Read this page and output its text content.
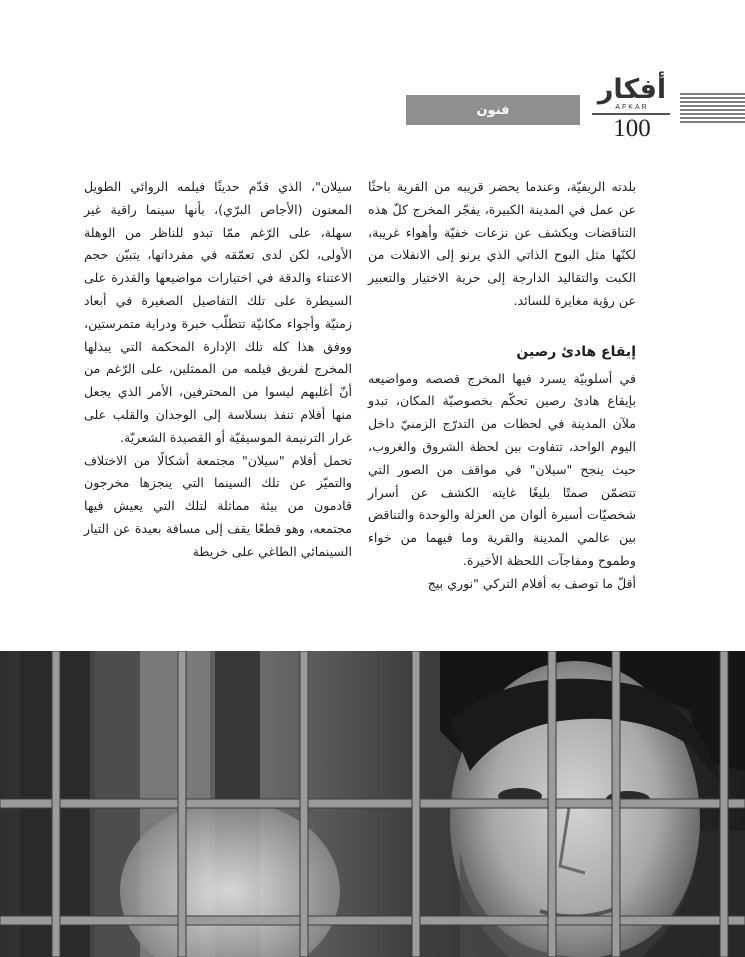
فنون
أفكار
AFKAR
100

بلدته الريفيّة، وعندما يحضر قريبه من القرية باحثًا عن عمل في المدينة الكبيرة، يفجّر المخرج كلّ هذه التناقضات ويكشف عن نزعات خفيّة وأهواء غريبة، لكنّها مثل البوح الذاتي الذي يرنو إلى الانفلات من الكبت والتقاليد الدارجة إلى حرية الاختيار والتعبير عن رؤية مغايرة للسائد.

إيقاع هادئ رصين

في أسلوبيّة يسرد فيها المخرج قصصه ومواضيعه بإيقاع هادئ رصين تحكّم بخصوصيّة المكان، تبدو ملآن المدينة في لحظات من التدرّج الزمنيّ داخل اليوم الواحد، تتفاوت بين لحظة الشروق والغروب، حيث ينجح "سيلان" في مواقف من الصور التي تتضمّن صمتًا بليغًا غايته الكشف عن أسرار شخصيّات أسيرة ألوان من العزلة والوحدة والتناقض بين عالمي المدينة والقرية وما فيهما من خواء وطموح ومفاجآت اللحظة الأخيرة.

أقلّ ما توصف به أفلام التركي "نوري بيج

سيلان"، الذي قدّم حديثًا فيلمه الروائي الطويل المعنون (الأجاص البرّي)، بأنها سينما راقية غير سهلة، على الرّغم ممّا تبدو للناظر من الوهلة الأولى، لكن لدى تعمّقه في مفرداتها، يتبيّن حجم الاعتناء والدقة في اختيارات مواضيعها والقدرة على السيطرة على تلك التفاصيل الصغيرة في أبعاد زمنيّة وأجواء مكانيّة تتطلّب خبرة ودراية متمرستين، ووفق هذا كله تلك الإدارة المحكمة التي يبذلها المخرج لفريق فيلمه من الممثلين، على الرّغم من أنّ أغلبهم ليسوا من المحترفين، الأمر الذي يجعل منها أفلام تنفذ بسلاسة إلى الوجدان والقلب على غرار الترنيمة الموسيقيّة أو القصيدة الشعريّة.

تحمل أفلام "سيلان" مجتمعة أشكالًا من الاختلاف والتميّز عن تلك السينما التي ينجزها مخرجون قادمون من بيئة مماثلة لتلك التي يعيش فيها مجتمعه، وهو قطعًا يقف إلى مسافة بعيدة عن التيار السينمائي الطاغي على خريطة
